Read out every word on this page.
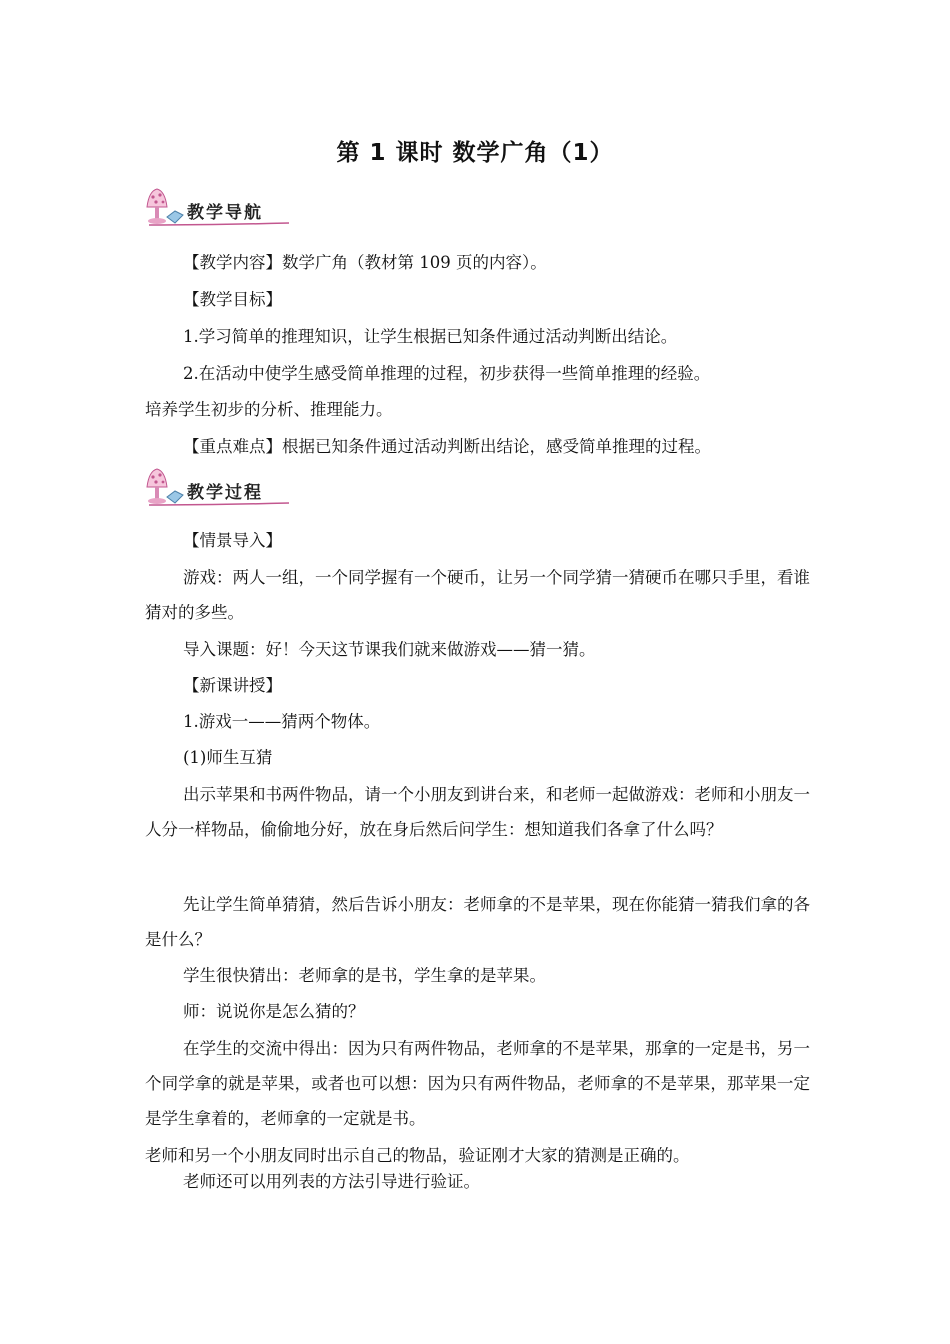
第 1 课时 数学广角（1）
教学导航

【教学内容】数学广角（教材第 109 页的内容）。

【教学目标】

1.学习简单的推理知识，让学生根据已知条件通过活动判断出结论。

2.在活动中使学生感受简单推理的过程，初步获得一些简单推理的经验。

培养学生初步的分析、推理能力。

【重点难点】根据已知条件通过活动判断出结论，感受简单推理的过程。

教学过程

【情景导入】

游戏：两人一组，一个同学握有一个硬币，让另一个同学猜一猜硬币在哪只手里，看谁猜对的多些。

导入课题：好！今天这节课我们就来做游戏——猜一猜。

【新课讲授】

1.游戏一——猜两个物体。

(1)师生互猜

出示苹果和书两件物品，请一个小朋友到讲台来，和老师一起做游戏：老师和小朋友一人分一样物品，偷偷地分好，放在身后然后问学生：想知道我们各拿了什么吗？

先让学生简单猜猜，然后告诉小朋友：老师拿的不是苹果，现在你能猜一猜我们拿的各是什么？

学生很快猜出：老师拿的是书，学生拿的是苹果。

师：说说你是怎么猜的？

在学生的交流中得出：因为只有两件物品，老师拿的不是苹果，那拿的一定是书，另一个同学拿的就是苹果，或者也可以想：因为只有两件物品，老师拿的不是苹果，那苹果一定是学生拿着的，老师拿的一定就是书。

老师和另一个小朋友同时出示自己的物品，验证刚才大家的猜测是正确的。

老师还可以用列表的方法引导进行验证。
